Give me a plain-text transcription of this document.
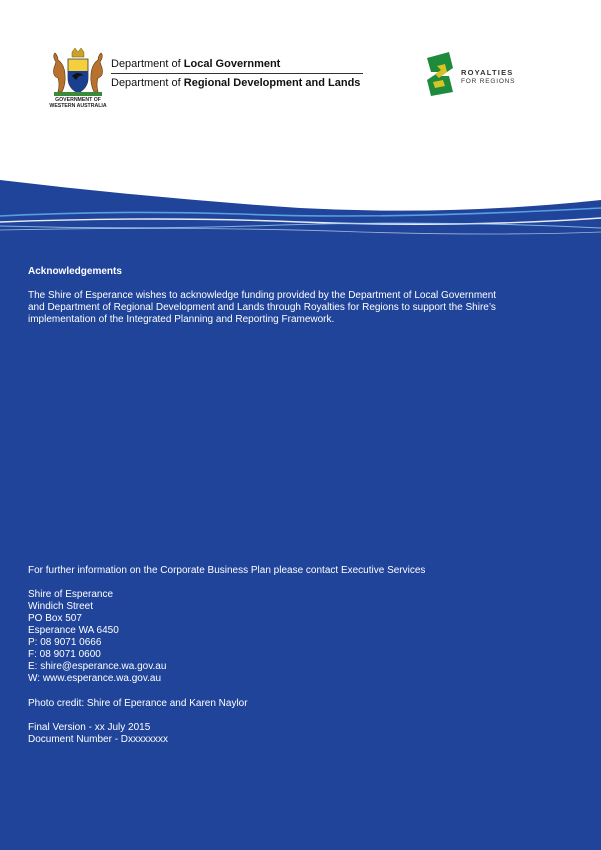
GOVERNMENT OF
WESTERN AUSTRALIA
Department of Local Government
Department of Regional Development and Lands
ROYALTIES
FOR REGIONS
Acknowledgements
The Shire of Esperance wishes to acknowledge funding provided by the Department of Local Government and Department of Regional Development and Lands through Royalties for Regions to support the Shire’s implementation of the Integrated Planning and Reporting Framework.
For further information on the Corporate Business Plan please contact Executive Services
Shire of Esperance
Windich Street
PO Box 507
Esperance WA 6450
P: 08 9071 0666
F: 08 9071 0600
E: shire@esperance.wa.gov.au
W: www.esperance.wa.gov.au
Photo credit: Shire of Eperance and Karen Naylor
Final Version - xx July 2015
Document Number - Dxxxxxxxx
